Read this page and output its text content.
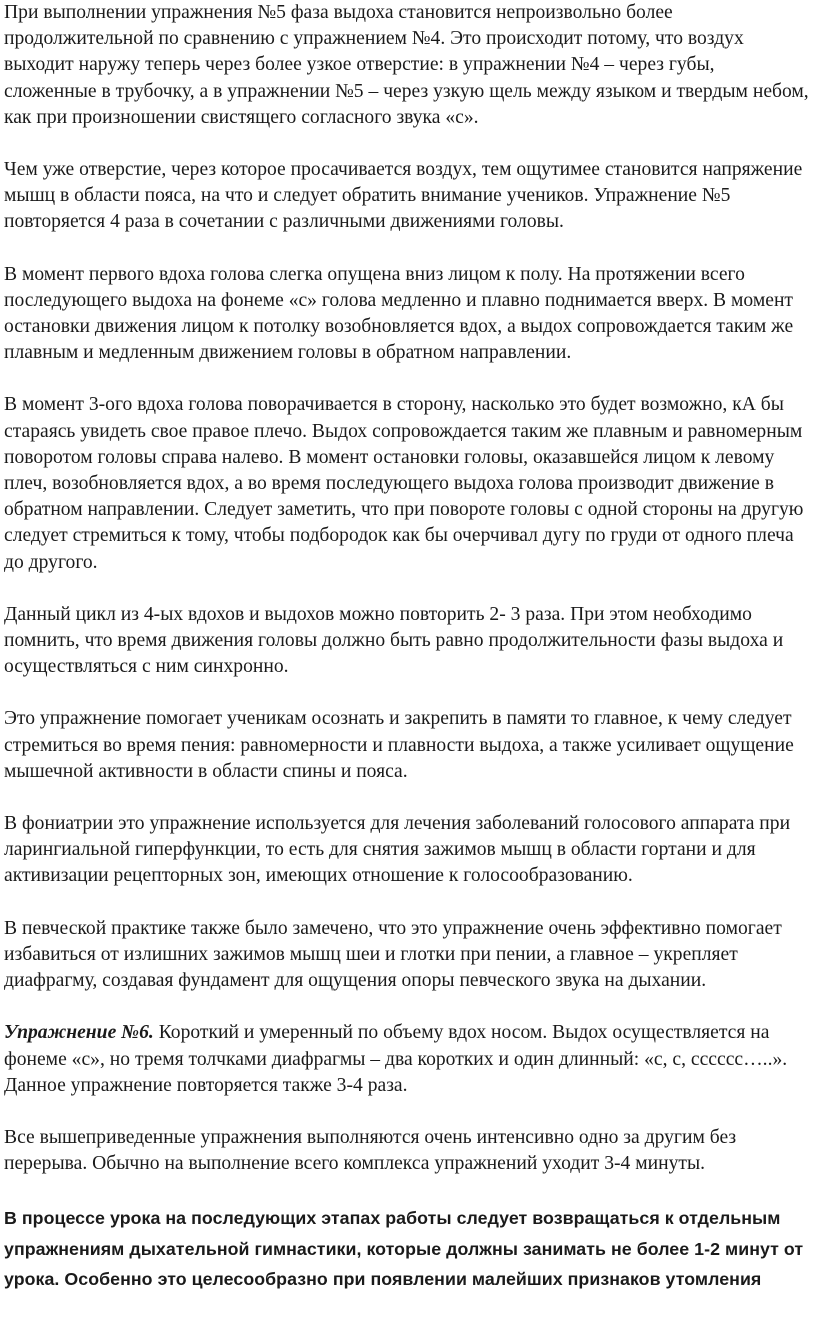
При выполнении упражнения №5 фаза выдоха становится непроизвольно более продолжительной по сравнению с упражнением №4. Это происходит потому, что воздух выходит наружу теперь через более узкое отверстие: в упражнении №4 – через губы, сложенные в трубочку, а в упражнении №5 – через узкую щель между языком и твердым небом, как при произношении свистящего согласного звука «с».

Чем уже отверстие, через которое просачивается воздух, тем ощутимее становится напряжение мышц в области пояса, на что и следует обратить внимание учеников. Упражнение №5 повторяется 4 раза в сочетании с различными движениями головы.

В момент первого вдоха голова слегка опущена вниз лицом к полу. На протяжении всего последующего выдоха на фонеме «с» голова медленно и плавно поднимается вверх. В момент остановки движения лицом к потолку возобновляется вдох, а выдох сопровождается таким же плавным и медленным движением головы в обратном направлении.

В момент 3-ого вдоха голова поворачивается в сторону, насколько это будет возможно, кА бы стараясь увидеть свое правое плечо. Выдох сопровождается таким же плавным и равномерным поворотом головы справа налево. В момент остановки головы, оказавшейся лицом к левому плеч, возобновляется вдох, а во время последующего выдоха голова производит движение в обратном направлении. Следует заметить, что при повороте головы с одной стороны на другую следует стремиться к тому, чтобы подбородок как бы очерчивал дугу по груди от одного плеча до другого.

Данный цикл из 4-ых вдохов и выдохов можно повторить 2- 3 раза. При этом необходимо помнить, что время движения головы должно быть равно продолжительности фазы выдоха и осуществляться с ним синхронно.

Это упражнение помогает ученикам осознать и закрепить в памяти то главное, к чему следует стремиться во время пения: равномерности и плавности выдоха, а также усиливает ощущение мышечной активности в области спины и пояса.

В фониатрии это упражнение используется для лечения заболеваний голосового аппарата при ларингиальной гиперфункции, то есть для снятия зажимов мышц в области гортани и для активизации рецепторных зон, имеющих отношение к голосообразованию.

В певческой практике также было замечено, что это упражнение очень эффективно помогает избавиться от излишних зажимов мышц шеи и глотки при пении, а главное – укрепляет диафрагму, создавая фундамент для ощущения опоры певческого звука на дыхании.

Упражнение №6. Короткий и умеренный по объему вдох носом. Выдох осуществляется на фонеме «с», но тремя толчками диафрагмы – два коротких и один длинный: «с, с, сссссс…..». Данное упражнение повторяется также 3-4 раза.

Все вышеприведенные упражнения выполняются очень интенсивно одно за другим без перерыва. Обычно на выполнение всего комплекса упражнений уходит 3-4 минуты.

В процессе урока на последующих этапах работы следует возвращаться к отдельным упражнениям дыхательной гимнастики, которые должны занимать не более 1-2 минут от урока. Особенно это целесообразно при появлении малейших признаков утомления
